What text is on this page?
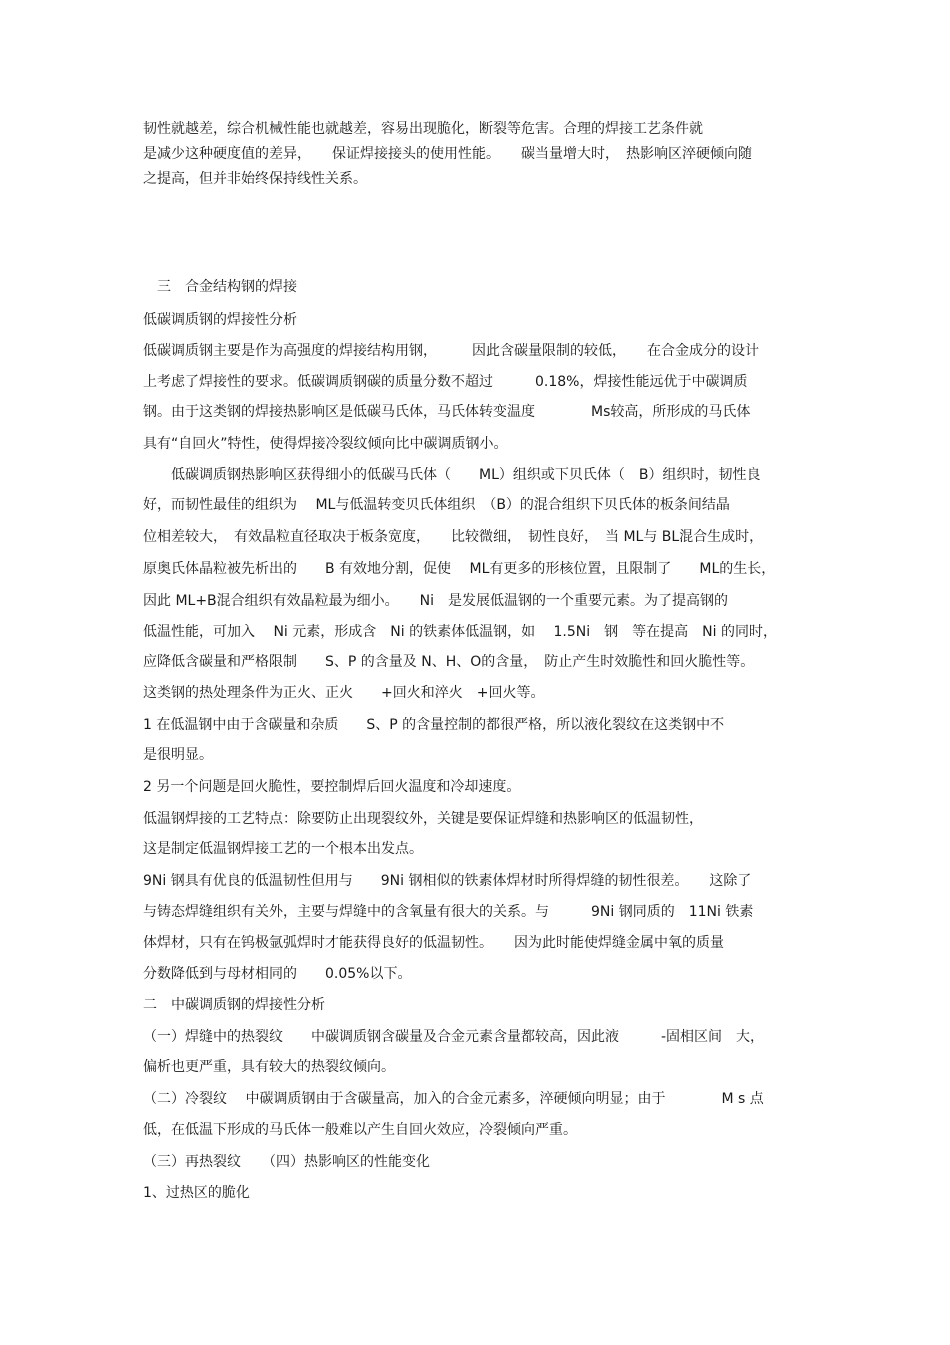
韧性就越差，综合机械性能也就越差，容易出现脆化，断裂等危害。合理的焊接工艺条件就
是减少这种硬度值的差异，　　保证焊接接头的使用性能。　　碳当量增大时，　热影响区淬硬倾向随
之提高，但并非始终保持线性关系。
　三　合金结构钢的焊接
低碳调质钢的焊接性分析
低碳调质钢主要是作为高强度的焊接结构用钢，　　　因此含碳量限制的较低，　　在合金成分的设计
上考虑了焊接性的要求。低碳调质钢碳的质量分数不超过　　　0.18%，焊接性能远优于中碳调质
钢。由于这类钢的焊接热影响区是低碳马氏体，马氏体转变温度　　　　Ms较高，所形成的马氏体
具有“自回火”特性，使得焊接冷裂纹倾向比中碳调质钢小。
　　低碳调质钢热影响区获得细小的低碳马氏体（　　ML）组织或下贝氏体（　B）组织时，韧性良
好，而韧性最佳的组织为　 ML与低温转变贝氏体组织　（B）的混合组织下贝氏体的板条间结晶
位相差较大，　有效晶粒直径取决于板条宽度，　　比较微细，　韧性良好，　当 ML与 BL混合生成时，
原奥氏体晶粒被先析出的　　B 有效地分割，促使　 ML有更多的形核位置，且限制了　　ML的生长，
因此 ML+B混合组织有效晶粒最为细小。　　Ni　是发展低温钢的一个重要元素。为了提高钢的
低温性能，可加入　 Ni 元素，形成含　Ni 的铁素体低温钢，如　 1.5Ni　钢　等在提高　Ni 的同时，
应降低含碳量和严格限制　　S、P 的含量及 N、H、O的含量，　防止产生时效脆性和回火脆性等。
这类钢的热处理条件为正火、正火　　+回火和淬火　+回火等。
1 在低温钢中由于含碳量和杂质　　S、P 的含量控制的都很严格，所以液化裂纹在这类钢中不
是很明显。
2 另一个问题是回火脆性，要控制焊后回火温度和冷却速度。
低温钢焊接的工艺特点：除要防止出现裂纹外，关键是要保证焊缝和热影响区的低温韧性，
这是制定低温钢焊接工艺的一个根本出发点。
9Ni 钢具有优良的低温韧性但用与　　9Ni 钢相似的铁素体焊材时所得焊缝的韧性很差。　　这除了
与铸态焊缝组织有关外，主要与焊缝中的含氧量有很大的关系。与　　　9Ni 钢同质的　11Ni 铁素
体焊材，只有在钨极氩弧焊时才能获得良好的低温韧性。　　因为此时能使焊缝金属中氧的质量
分数降低到与母材相同的　　0.05%以下。
二　中碳调质钢的焊接性分析
（一）焊缝中的热裂纹　　中碳调质钢含碳量及合金元素含量都较高，因此液　　　-固相区间　大，
偏析也更严重，具有较大的热裂纹倾向。
（二）冷裂纹　 中碳调质钢由于含碳量高，加入的合金元素多，淬硬倾向明显；由于　　　　M s 点
低，在低温下形成的马氏体一般难以产生自回火效应，冷裂倾向严重。
（三）再热裂纹　　（四）热影响区的性能变化
1、过热区的脆化
